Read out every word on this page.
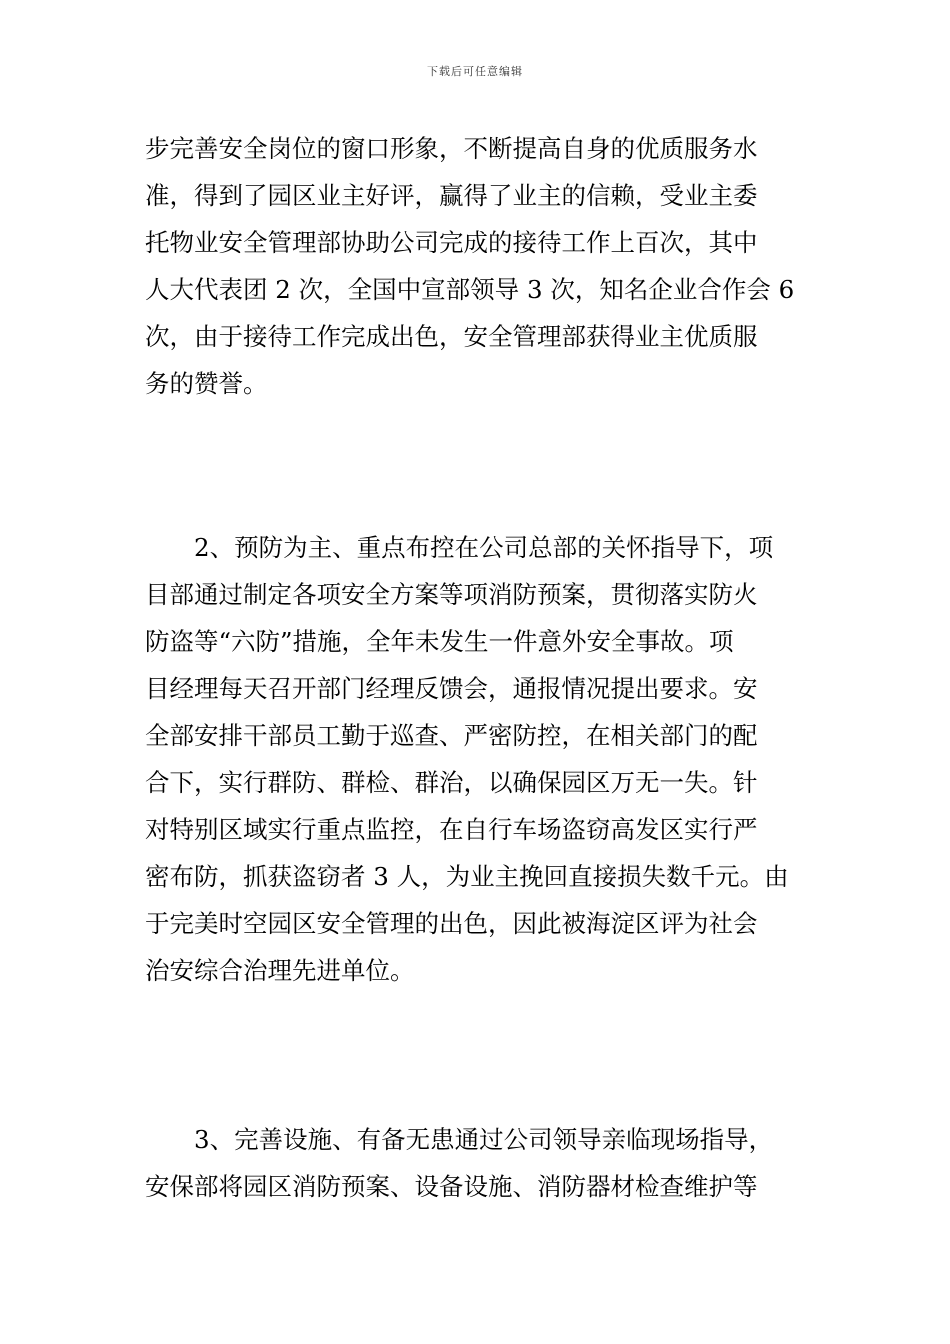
下载后可任意编辑
步完善安全岗位的窗口形象，不断提高自身的优质服务水
准，得到了园区业主好评，赢得了业主的信赖，受业主委
托物业安全管理部协助公司完成的接待工作上百次，其中
人大代表团 2 次，全国中宣部领导 3 次，知名企业合作会 6
次，由于接待工作完成出色，安全管理部获得业主优质服
务的赞誉。
2、预防为主、重点布控在公司总部的关怀指导下，项
目部通过制定各项安全方案等项消防预案，贯彻落实防火
防盗等“六防”措施，全年未发生一件意外安全事故。项
目经理每天召开部门经理反馈会，通报情况提出要求。安
全部安排干部员工勤于巡查、严密防控，在相关部门的配
合下，实行群防、群检、群治，以确保园区万无一失。针
对特别区域实行重点监控，在自行车场盗窃高发区实行严
密布防，抓获盗窃者 3 人，为业主挽回直接损失数千元。由
于完美时空园区安全管理的出色，因此被海淀区评为社会
治安综合治理先进单位。
3、完善设施、有备无患通过公司领导亲临现场指导，
安保部将园区消防预案、设备设施、消防器材检查维护等
